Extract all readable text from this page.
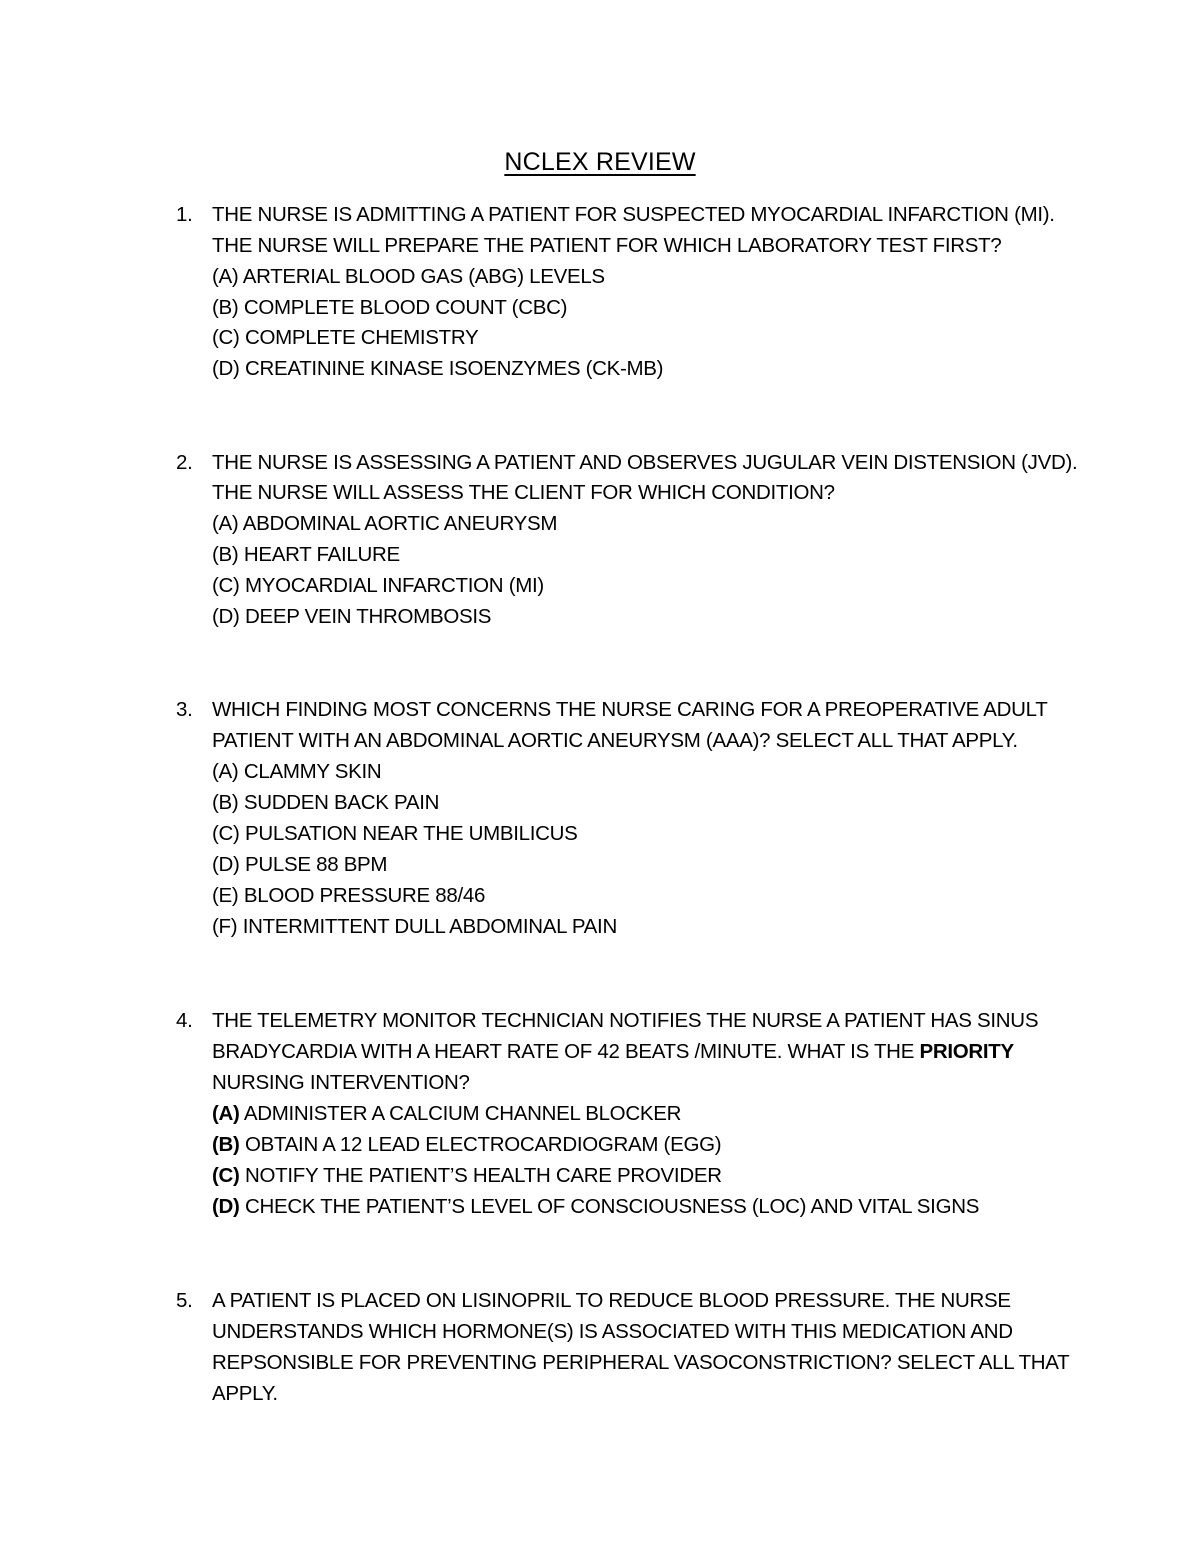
NCLEX REVIEW
1. THE NURSE IS ADMITTING A PATIENT FOR SUSPECTED MYOCARDIAL INFARCTION (MI).
THE NURSE WILL PREPARE THE PATIENT FOR WHICH LABORATORY TEST FIRST?
(A) ARTERIAL BLOOD GAS (ABG) LEVELS
(B) COMPLETE BLOOD COUNT (CBC)
(C) COMPLETE CHEMISTRY
(D) CREATININE KINASE ISOENZYMES (CK-MB)
2. THE NURSE IS ASSESSING A PATIENT AND OBSERVES JUGULAR VEIN DISTENSION (JVD).
THE NURSE WILL ASSESS THE CLIENT FOR WHICH CONDITION?
(A) ABDOMINAL AORTIC ANEURYSM
(B) HEART FAILURE
(C) MYOCARDIAL INFARCTION (MI)
(D) DEEP VEIN THROMBOSIS
3. WHICH FINDING MOST CONCERNS THE NURSE CARING FOR A PREOPERATIVE ADULT
PATIENT WITH AN ABDOMINAL AORTIC ANEURYSM (AAA)? SELECT ALL THAT APPLY.
(A) CLAMMY SKIN
(B) SUDDEN BACK PAIN
(C) PULSATION NEAR THE UMBILICUS
(D) PULSE 88 BPM
(E) BLOOD PRESSURE 88/46
(F) INTERMITTENT DULL ABDOMINAL PAIN
4. THE TELEMETRY MONITOR TECHNICIAN NOTIFIES THE NURSE A PATIENT HAS SINUS
BRADYCARDIA WITH A HEART RATE OF 42 BEATS /MINUTE. WHAT IS THE PRIORITY
NURSING INTERVENTION?
(A) ADMINISTER A CALCIUM CHANNEL BLOCKER
(B) OBTAIN A 12 LEAD ELECTROCARDIOGRAM (EGG)
(C) NOTIFY THE PATIENT’S HEALTH CARE PROVIDER
(D) CHECK THE PATIENT’S LEVEL OF CONSCIOUSNESS (LOC) AND VITAL SIGNS
5. A PATIENT IS PLACED ON LISINOPRIL TO REDUCE BLOOD PRESSURE. THE NURSE
UNDERSTANDS WHICH HORMONE(S) IS ASSOCIATED WITH THIS MEDICATION AND
REPSONSIBLE FOR PREVENTING PERIPHERAL VASOCONSTRICTION? SELECT ALL THAT
APPLY.
